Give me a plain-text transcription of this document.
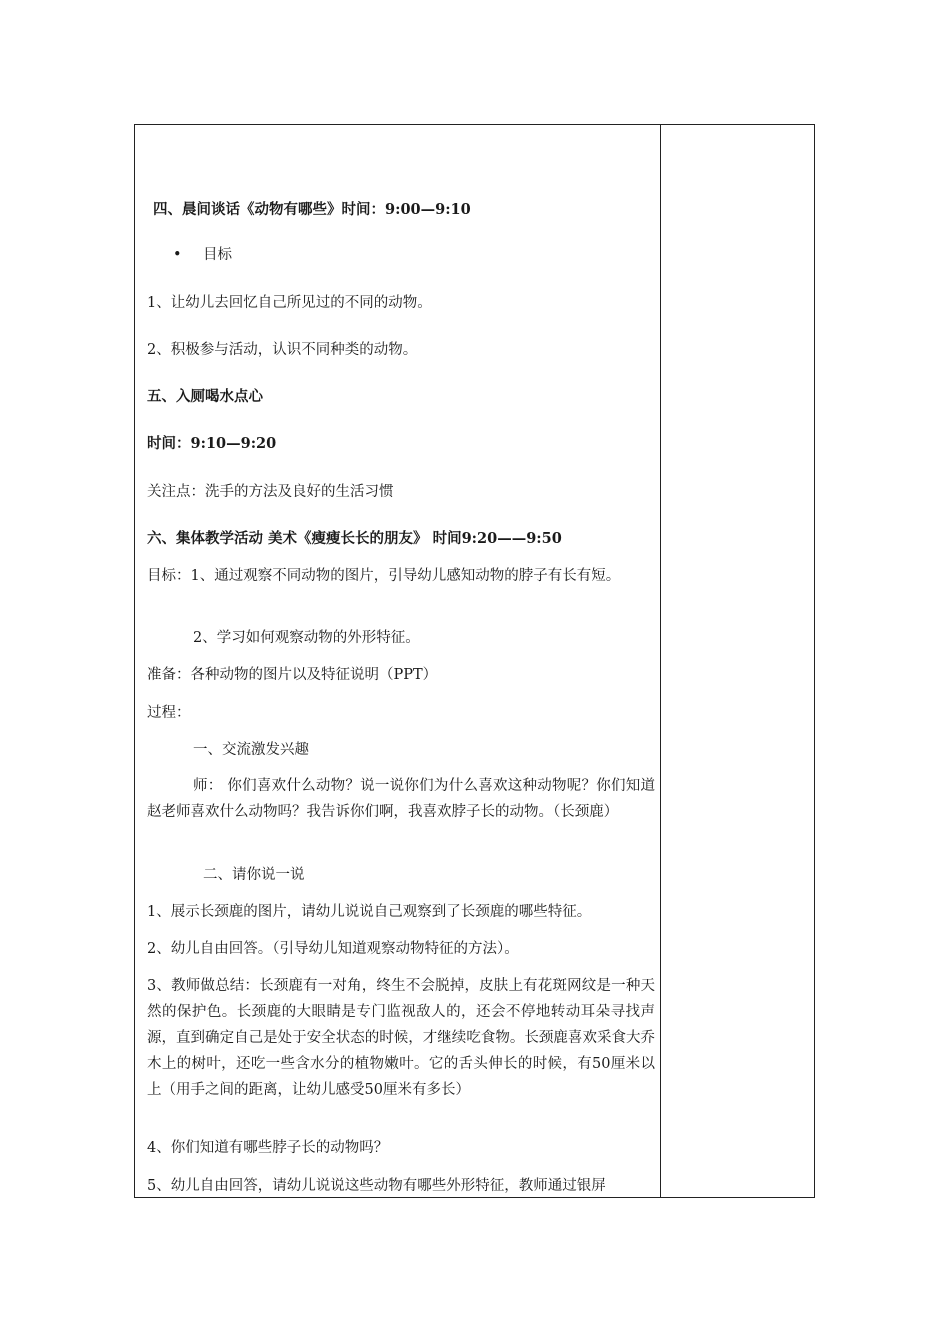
四、晨间谈话《动物有哪些》时间：9:00—9:10
• 目标
1、让幼儿去回忆自己所见过的不同的动物。
2、积极参与活动，认识不同种类的动物。
五、入厕喝水点心
时间：9:10—9:20
关注点：洗手的方法及良好的生活习惯
六、集体教学活动 美术《瘦瘦长长的朋友》 时间9:20——9:50
目标：1、通过观察不同动物的图片，引导幼儿感知动物的脖子有长有短。
2、学习如何观察动物的外形特征。
准备：各种动物的图片以及特征说明（PPT）
过程：
一、交流激发兴趣
师： 你们喜欢什么动物？说一说你们为什么喜欢这种动物呢？你们知道赵老师喜欢什么动物吗？我告诉你们啊，我喜欢脖子长的动物。（长颈鹿）
二、请你说一说
1、展示长颈鹿的图片，请幼儿说说自己观察到了长颈鹿的哪些特征。
2、幼儿自由回答。（引导幼儿知道观察动物特征的方法）。
3、教师做总结：长颈鹿有一对角，终生不会脱掉，皮肤上有花斑网纹是一种天然的保护色。长颈鹿的大眼睛是专门监视敌人的，还会不停地转动耳朵寻找声源，直到确定自己是处于安全状态的时候，才继续吃食物。长颈鹿喜欢采食大乔木上的树叶，还吃一些含水分的植物嫩叶。它的舌头伸长的时候，有50厘米以上（用手之间的距离，让幼儿感受50厘米有多长）
4、你们知道有哪些脖子长的动物吗？
5、幼儿自由回答，请幼儿说说这些动物有哪些外形特征，教师通过银屏
